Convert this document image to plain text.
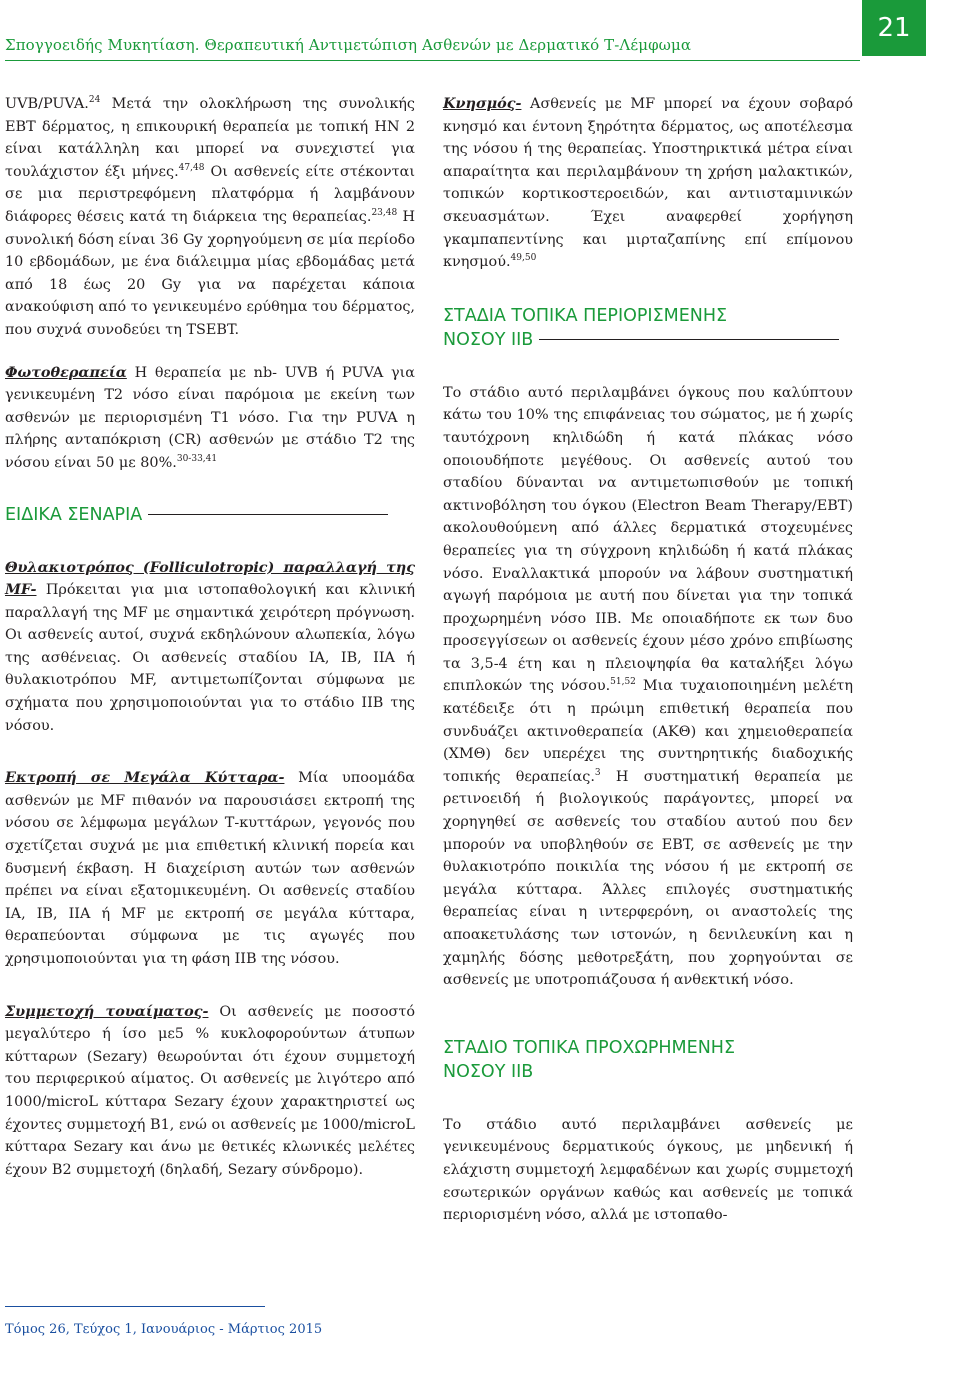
Σπογγοειδής Μυκητίαση. Θεραπευτική Αντιμετώπιση Ασθενών με Δερματικό Τ-Λέμφωμα
21

UVB/PUVA.$^{24}$ Μετά την ολοκλήρωση της συνολικής EBT δέρματος, η επικουρική θεραπεία με τοπική HN 2 είναι κατάλληλη και μπορεί να συνεχιστεί για τουλάχιστον έξι μήνες.$^{47,48}$ Οι ασθενείς είτε στέκονται σε μια περιστρεφόμενη πλατφόρμα ή λαμβάνουν διάφορες θέσεις κατά τη διάρκεια της θεραπείας.$^{23,48}$ Η συνολική δόση είναι 36 Gy χορηγούμενη σε μία περίοδο 10 εβδομάδων, με ένα διάλειμμα μίας εβδομάδας μετά από 18 έως 20 Gy για να παρέχεται κάποια ανακούφιση από το γενικευμένο ερύθημα του δέρματος, που συχνά συνοδεύει τη TSEBT.

Φωτοθεραπεία Η θεραπεία με nb- UVB ή PUVA για γενικευμένη T2 νόσο είναι παρόμοια με εκείνη των ασθενών με περιορισμένη T1 νόσο. Για την PUVA η πλήρης ανταπόκριση (CR) ασθενών με στάδιο T2 της νόσου είναι 50 με 80%.$^{30-33,41}$

ΕΙΔΙΚΑ ΣΕΝΑΡΙΑ

Θυλακιοτρόπος (Folliculotropic) παραλλαγή της MF- Πρόκειται για μια ιστοπαθολογική και κλινική παραλλαγή της MF με σημαντικά χειρότερη πρόγνωση. Οι ασθενείς αυτοί, συχνά εκδηλώνουν αλωπεκία, λόγω της ασθένειας. Οι ασθενείς σταδίου IA, IB, IIA ή θυλακιοτρόπου MF, αντιμετωπίζονται σύμφωνα με σχήματα που χρησιμοποιούνται για το στάδιο IIB της νόσου.

Εκτροπή σε Μεγάλα Κύτταρα- Μία υποομάδα ασθενών με MF πιθανόν να παρουσιάσει εκτροπή της νόσου σε λέμφωμα μεγάλων Τ-κυττάρων, γεγονός που σχετίζεται συχνά με μια επιθετική κλινική πορεία και δυσμενή έκβαση. Η διαχείριση αυτών των ασθενών πρέπει να είναι εξατομικευμένη. Οι ασθενείς σταδίου IA, IB, IIA ή MF με εκτροπή σε μεγάλα κύτταρα, θεραπεύονται σύμφωνα με τις αγωγές που χρησιμοποιούνται για τη φάση IIB της νόσου.

Συμμετοχή τουαίματος- Οι ασθενείς με ποσοστό μεγαλύτερο ή ίσο με5 % κυκλοφορούντων άτυπων κύτταρων (Sezary) θεωρούνται ότι έχουν συμμετοχή του περιφερικού αίματος. Οι ασθενείς με λιγότερο από 1000/microL κύτταρα Sezary έχουν χαρακτηριστεί ως έχοντες συμμετοχή B1, ενώ οι ασθενείς με 1000/microL κύτταρα Sezary και άνω με θετικές κλωνικές μελέτες έχουν B2 συμμετοχή (δηλαδή, Sezary σύνδρομο).

Κνησμός- Ασθενείς με MF μπορεί να έχουν σοβαρό κνησμό και έντονη ξηρότητα δέρματος, ως αποτέλεσμα της νόσου ή της θεραπείας. Υποστηρικτικά μέτρα είναι απαραίτητα και περιλαμβάνουν τη χρήση μαλακτικών, τοπικών κορτικοστεροειδών, και αντιισταμινικών σκευασμάτων. Έχει αναφερθεί χορήγηση γκαμπαπεντίνης και μιρταζαπίνης επί επίμονου κνησμού.$^{49,50}$

ΣΤΑΔΙΑ ΤΟΠΙΚΑ ΠΕΡΙΟΡΙΣΜΕΝΗΣ
ΝΟΣΟΥ IIB

Το στάδιο αυτό περιλαμβάνει όγκους που καλύπτουν κάτω του 10% της επιφάνειας του σώματος, με ή χωρίς ταυτόχρονη κηλιδώδη ή κατά πλάκας νόσο οποιουδήποτε μεγέθους. Οι ασθενείς αυτού του σταδίου δύνανται να αντιμετωπισθούν με τοπική ακτινοβόληση του όγκου (Electron Beam Therapy/EBT) ακολουθούμενη από άλλες δερματικά στοχευμένες θεραπείες για τη σύγχρονη κηλιδώδη ή κατά πλάκας νόσο. Εναλλακτικά μπορούν να λάβουν συστηματική αγωγή παρόμοια με αυτή που δίνεται για την τοπικά προχωρημένη νόσο IIB. Με οποιαδήποτε εκ των δυο προσεγγίσεων οι ασθενείς έχουν μέσο χρόνο επιβίωσης τα 3,5-4 έτη και η πλειοψηφία θα καταλήξει λόγω επιπλοκών της νόσου.$^{51,52}$ Μια τυχαιοποιημένη μελέτη κατέδειξε ότι η πρώιμη επιθετική θεραπεία που συνδυάζει ακτινοθεραπεία (AKΘ) και χημειοθεραπεία (XMΘ) δεν υπερέχει της συντηρητικής διαδοχικής τοπικής θεραπείας.$^3$ Η συστηματική θεραπεία με ρετινοειδή ή βιολογικούς παράγοντες, μπορεί να χορηγηθεί σε ασθενείς του σταδίου αυτού που δεν μπορούν να υποβληθούν σε EBT, σε ασθενείς με την θυλακιοτρόπο ποικιλία της νόσου ή με εκτροπή σε μεγάλα κύτταρα. Άλλες επιλογές συστηματικής θεραπείας είναι η ιντερφερόνη, οι αναστολείς της αποακετυλάσης των ιστονών, η δενιλευκίνη και η χαμηλής δόσης μεθοτρεξάτη, που χορηγούνται σε ασθενείς με υποτροπιάζουσα ή ανθεκτική νόσο.

ΣΤΑΔΙΟ ΤΟΠΙΚΑ ΠΡΟΧΩΡΗΜΕΝΗΣ
ΝΟΣΟΥ IIB

Το στάδιο αυτό περιλαμβάνει ασθενείς με γενικευμένους δερματικούς όγκους, με μηδενική ή ελάχιστη συμμετοχή λεμφαδένων και χωρίς συμμετοχή εσωτερικών οργάνων καθώς και ασθενείς με τοπικά περιορισμένη νόσο, αλλά με ιστοπαθο-

Τόμος 26, Τεύχος 1, Ιανουάριος - Μάρτιος 2015
